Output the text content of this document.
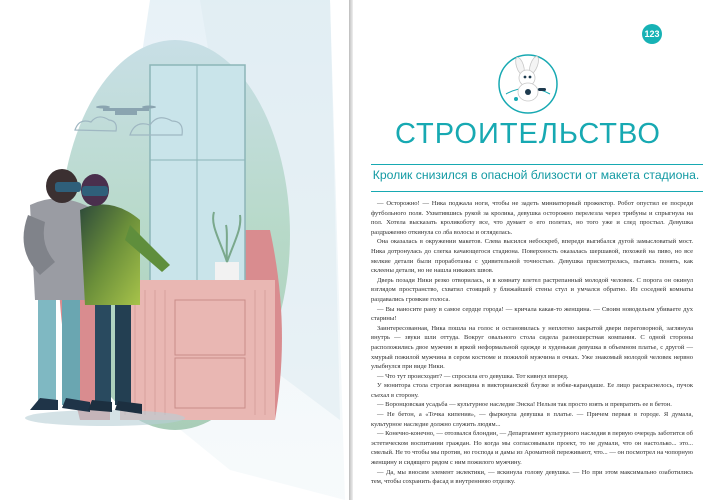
123
СТРОИТЕЛЬСТВО
Кролик снизился в опасной близости от макета стадиона.

— Осторожно! — Ника поджала ноги, чтобы не задеть миниатюрный прожектор. Робот опустил ее посреди футбольного поля. Ухватившись рукой за кролика, девушка осторожно перелезла через трибуны и спрыгнула на пол. Хотела высказать кроликоботу все, что думает о его полетах, но того уже и след простыл. Девушка раздраженно откинула со лба волосы и огляделась.

Она оказалась в окружении макетов. Слева высился небоскреб, впереди выгибался дугой замысловатый мост. Ника дотронулась до слегка качающегося стадиона. Поверхность оказалась шершавой, похожей на пиво, но все мелкие детали были проработаны с удивительной точностью. Девушка присмотрелась, пытаясь понять, как склеены детали, но не нашла никаких швов.

Дверь позади Ники резко отворилась, и в комнату влетел растрепанный молодой человек. С порога он окинул взглядом пространство, схватил стоящий у ближайшей стены стул и умчался обратно. Из соседней комнаты раздавались громкие голоса.

— Вы наносите рану в самое сердце города! — кричала какая-то женщина. — Своим новодельем убиваете дух старины!

Заинтересованная, Ника пошла на голос и остановилась у неплотно закрытой двери переговорной, заглянула внутрь — звуки шли оттуда. Вокруг овального стола сидела разношерстная компания. С одной стороны расположились двое мужчин в яркой неформальной одежде и худенькая девушка в объемном платье, с другой — хмурый пожилой мужчина в сером костюме и пожилой мужчина в очках. Уже знакомый молодой человек нервно улыбнулся при виде Ники.

— Что тут происходит? — спросила его девушка. Тот кивнул вперед.

У монитора стола строгая женщина в викторианской блузке и юбке-карандаше. Ее лицо раскраснелось, пучок съехал в сторону.

— Воронцовская усадьба — культурное наследие Энска! Нельзя так просто взять и превратить ее в бетон.

— Не бетон, а «Точка кипения», — фыркнула девушка в платье. — Причем первая в городе. Я думала, культурное наследие должно служить людям...

— Конечно-конечно, — отозвался блондин, — Департамент культурного наследия в первую очередь заботится об эстетическом воспитании граждан. Но когда мы согласовывали проект, то не думали, что он настолько... это... смелый. Не то чтобы мы против, но господа и дамы из Ароматной переживают, что... — он посмотрел на чопорную женщину и сидящего рядом с ним пожилого мужчину.

— Да, мы вносим элемент эклектики, — вскинула голову девушка. — Но при этом максимально озаботились тем, чтобы сохранить фасад и внутреннюю отделку.
